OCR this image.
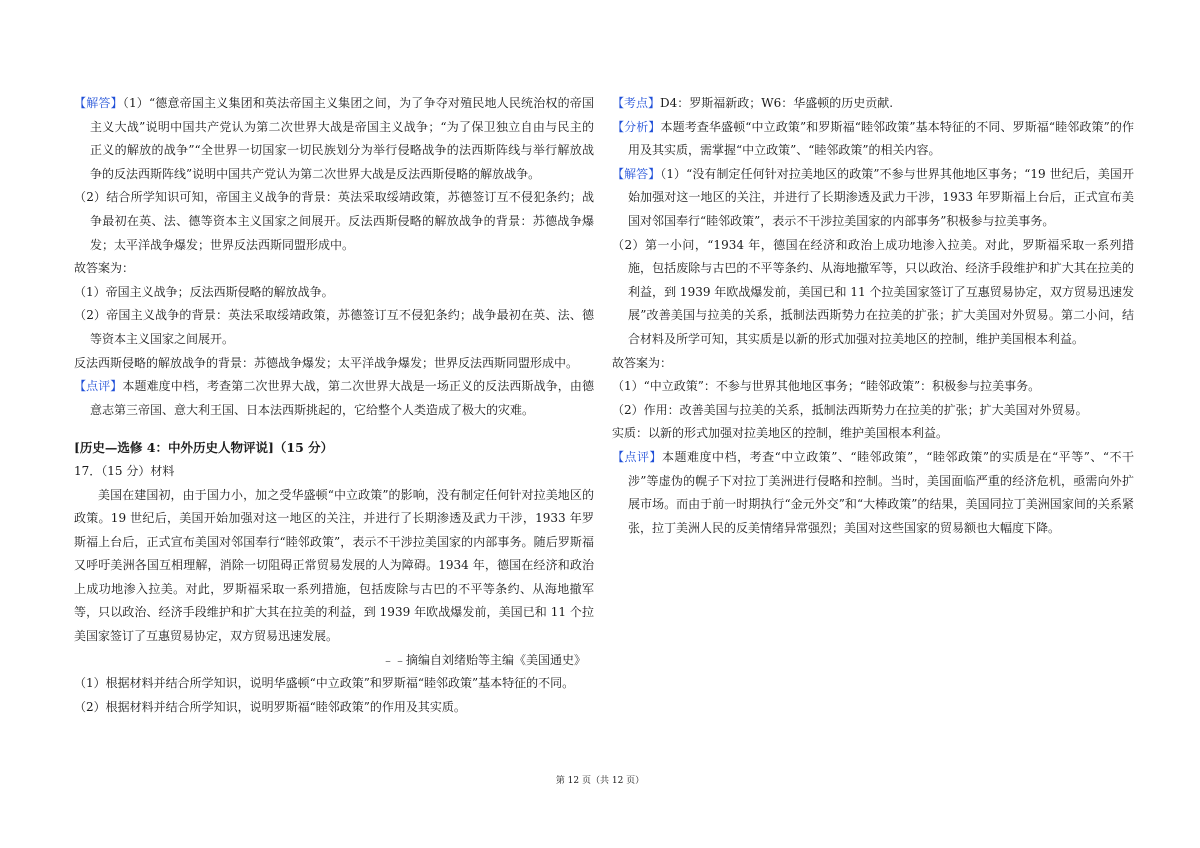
【解答】（1）“德意帝国主义集团和英法帝国主义集团之间，为了争夺对殖民地人民统治权的帝国主义大战”说明中国共产党认为第二次世界大战是帝国主义战争；“为了保卫独立自由与民主的正义的解放的战争”“全世界一切国家一切民族划分为举行侵略战争的法西斯阵线与举行解放战争的反法西斯阵线”说明中国共产党认为第二次世界大战是反法西斯侵略的解放战争。

（2）结合所学知识可知，帝国主义战争的背景：英法采取绥靖政策，苏德签订互不侵犯条约；战争最初在英、法、德等资本主义国家之间展开。反法西斯侵略的解放战争的背景：苏德战争爆发；太平洋战争爆发；世界反法西斯同盟形成中。

故答案为：

（1）帝国主义战争；反法西斯侵略的解放战争。

（2）帝国主义战争的背景：英法采取绥靖政策，苏德签订互不侵犯条约；战争最初在英、法、德等资本主义国家之间展开。

反法西斯侵略的解放战争的背景：苏德战争爆发；太平洋战争爆发；世界反法西斯同盟形成中。

【点评】本题难度中档，考查第二次世界大战，第二次世界大战是一场正义的反法西斯战争，由德意志第三帝国、意大利王国、日本法西斯挑起的，它给整个人类造成了极大的灾难。

[历史—选修 4：中外历史人物评说]（15 分）

17．（15 分）材料

美国在建国初，由于国力小，加之受华盛顿“中立政策”的影响，没有制定任何针对拉美地区的政策。19 世纪后，美国开始加强对这一地区的关注，并进行了长期渗透及武力干涉，1933 年罗斯福上台后，正式宣布美国对邻国奉行“睦邻政策”，表示不干涉拉美国家的内部事务。随后罗斯福又呼吁美洲各国互相理解，消除一切阻碍正常贸易发展的人为障碍。1934 年，德国在经济和政治上成功地渗入拉美。对此，罗斯福采取一系列措施，包括废除与古巴的不平等条约、从海地撤军等，只以政治、经济手段维护和扩大其在拉美的利益，到 1939 年欧战爆发前，美国已和 11 个拉美国家签订了互惠贸易协定，双方贸易迅速发展。

﹣﹣摘编自刘绪贻等主编《美国通史》

（1）根据材料并结合所学知识，说明华盛顿“中立政策”和罗斯福“睦邻政策”基本特征的不同。

（2）根据材料并结合所学知识，说明罗斯福“睦邻政策”的作用及其实质。

【考点】D4：罗斯福新政；W6：华盛顿的历史贡献.

【分析】本题考查华盛顿“中立政策”和罗斯福“睦邻政策”基本特征的不同、罗斯福“睦邻政策”的作用及其实质，需掌握“中立政策”、“睦邻政策”的相关内容。

【解答】（1）“没有制定任何针对拉美地区的政策”不参与世界其他地区事务；“19 世纪后，美国开始加强对这一地区的关注，并进行了长期渗透及武力干涉，1933 年罗斯福上台后，正式宣布美国对邻国奉行“睦邻政策”，表示不干涉拉美国家的内部事务”积极参与拉美事务。

（2）第一小问，“1934 年，德国在经济和政治上成功地渗入拉美。对此，罗斯福采取一系列措施，包括废除与古巴的不平等条约、从海地撤军等，只以政治、经济手段维护和扩大其在拉美的利益，到 1939 年欧战爆发前，美国已和 11 个拉美国家签订了互惠贸易协定，双方贸易迅速发展”改善美国与拉美的关系，抵制法西斯势力在拉美的扩张；扩大美国对外贸易。第二小问，结合材料及所学可知，其实质是以新的形式加强对拉美地区的控制，维护美国根本利益。

故答案为：

（1）“中立政策”：不参与世界其他地区事务；“睦邻政策”：积极参与拉美事务。

（2）作用：改善美国与拉美的关系，抵制法西斯势力在拉美的扩张；扩大美国对外贸易。

实质：以新的形式加强对拉美地区的控制，维护美国根本利益。

【点评】本题难度中档，考查“中立政策”、“睦邻政策”，“睦邻政策”的实质是在“平等”、“不干涉”等虚伪的幌子下对拉丁美洲进行侵略和控制。当时，美国面临严重的经济危机，亟需向外扩展市场。而由于前一时期执行“金元外交”和“大棒政策”的结果，美国同拉丁美洲国家间的关系紧张，拉丁美洲人民的反美情绪异常强烈；美国对这些国家的贸易额也大幅度下降。

第 12 页（共 12 页）
